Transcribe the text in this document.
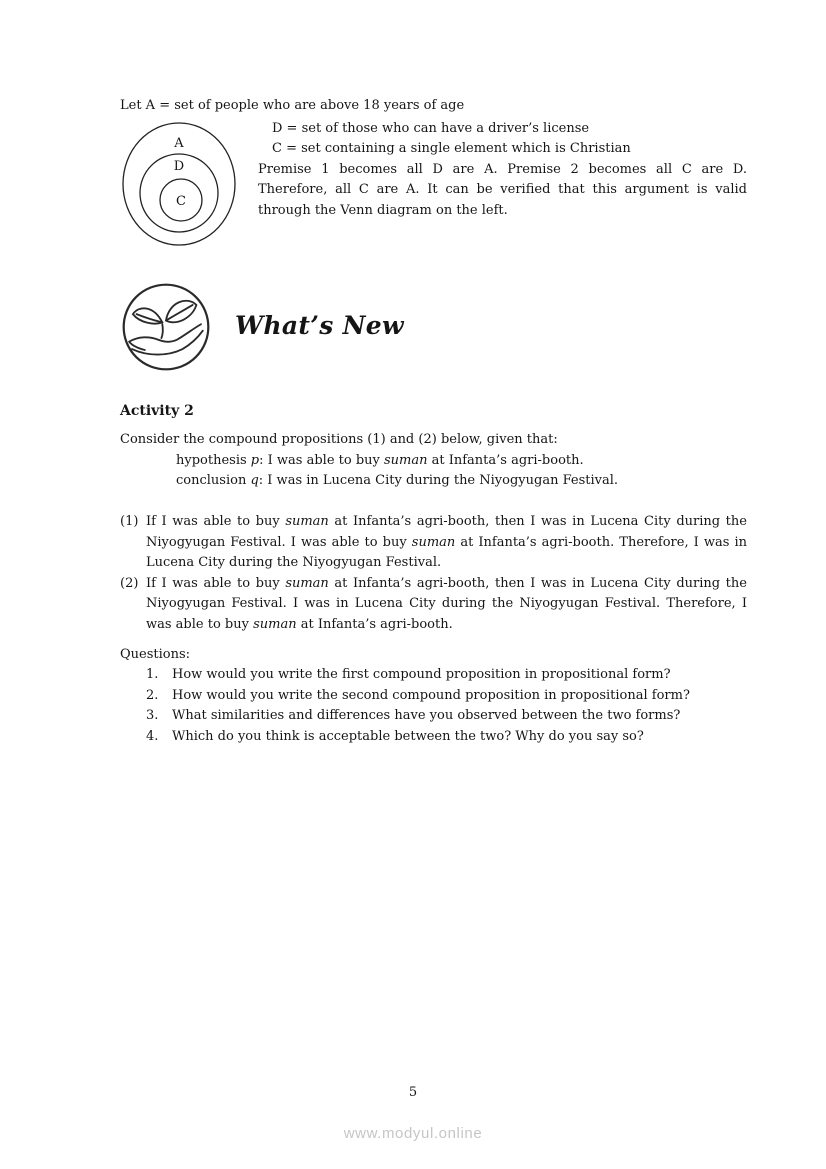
Let A = set of people who are above 18 years of age

A
D
C

D = set of those who can have a driver’s license

C = set containing a single element which is Christian

Premise 1 becomes all D are A. Premise 2 becomes all C are D. Therefore, all C are A. It can be verified that this argument is valid through the Venn diagram on the left.

What’s New
Activity 2

Consider the compound propositions (1) and (2) below, given that:

hypothesis p: I was able to buy suman at Infanta’s agri-booth.

conclusion q: I was in Lucena City during the Niyogyugan Festival.

(1) If I was able to buy suman at Infanta’s agri-booth, then I was in Lucena City during the Niyogyugan Festival. I was able to buy suman at Infanta’s agri-booth. Therefore, I was in Lucena City during the Niyogyugan Festival.
(2) If I was able to buy suman at Infanta’s agri-booth, then I was in Lucena City during the Niyogyugan Festival. I was in Lucena City during the Niyogyugan Festival. Therefore, I was able to buy suman at Infanta’s agri-booth.

Questions:

1.	How would you write the first compound proposition in propositional form?
2.	How would you write the second compound proposition in propositional form?
3.	What similarities and differences have you observed between the two forms?
4.	Which do you think is acceptable between the two? Why do you say so?
5
www.modyul.online
